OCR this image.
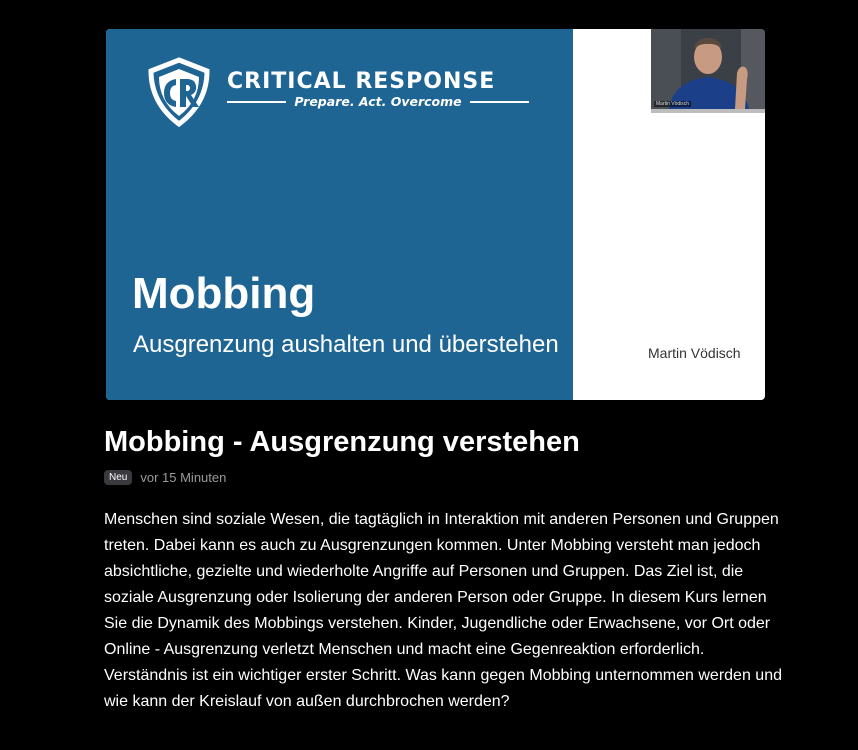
CRITICAL RESPONSE
Prepare. Act. Overcome
Mobbing
Ausgrenzung aushalten und überstehen	Martin Vödisch
Martin Vödisch
Mobbing - Ausgrenzung verstehen
Neu	vor 15 Minuten

Menschen sind soziale Wesen, die tagtäglich in Interaktion mit anderen Personen und Gruppen treten. Dabei kann es auch zu Ausgrenzungen kommen. Unter Mobbing versteht man jedoch absichtliche, gezielte und wiederholte Angriffe auf Personen und Gruppen. Das Ziel ist, die soziale Ausgrenzung oder Isolierung der anderen Person oder Gruppe. In diesem Kurs lernen Sie die Dynamik des Mobbings verstehen. Kinder, Jugendliche oder Erwachsene, vor Ort oder Online - Ausgrenzung verletzt Menschen und macht eine Gegenreaktion erforderlich. Verständnis ist ein wichtiger erster Schritt. Was kann gegen Mobbing unternommen werden und wie kann der Kreislauf von außen durchbrochen werden?
